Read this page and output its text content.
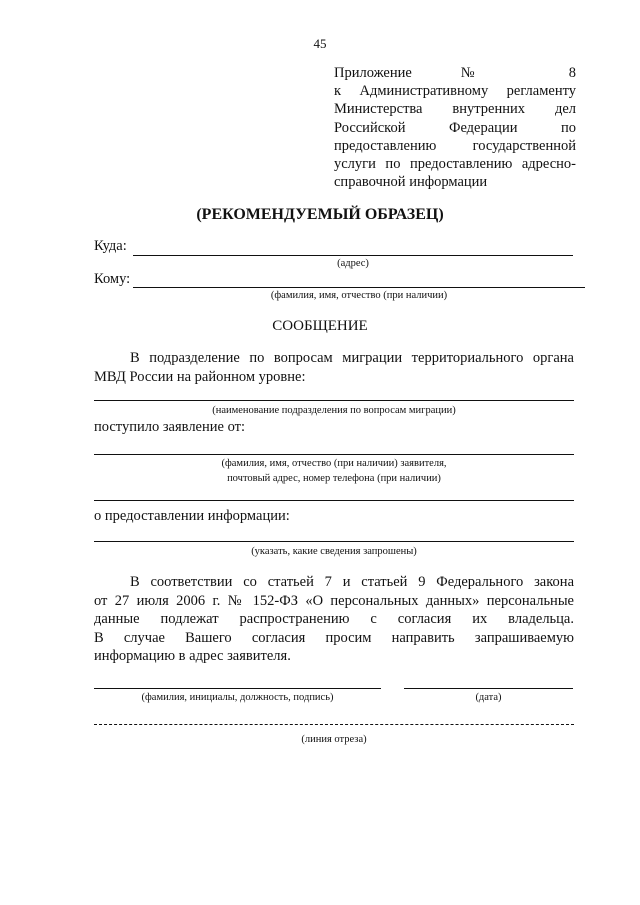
45
Приложение № 8
к Административному регламенту
Министерства внутренних дел
Российской Федерации по
предоставлению государственной
услуги по предоставлению адресно-
справочной информации
(РЕКОМЕНДУЕМЫЙ ОБРАЗЕЦ)
Куда:
(адрес)
Кому:
(фамилия, имя, отчество (при наличии)
СООБЩЕНИЕ
В подразделение по вопросам миграции территориального органа
МВД России на районном уровне:
(наименование подразделения по вопросам миграции)
поступило заявление от:
(фамилия, имя, отчество (при наличии) заявителя,
почтовый адрес, номер телефона (при наличии)
о предоставлении информации:
(указать, какие сведения запрошены)
В соответствии со статьей 7 и статьей 9 Федерального закона
от 27 июля 2006 г. № 152-ФЗ «О персональных данных» персональные
данные подлежат распространению с согласия их владельца.
В случае Вашего согласия просим направить запрашиваемую
информацию в адрес заявителя.
(фамилия, инициалы, должность, подпись)	(дата)
(линия отреза)
